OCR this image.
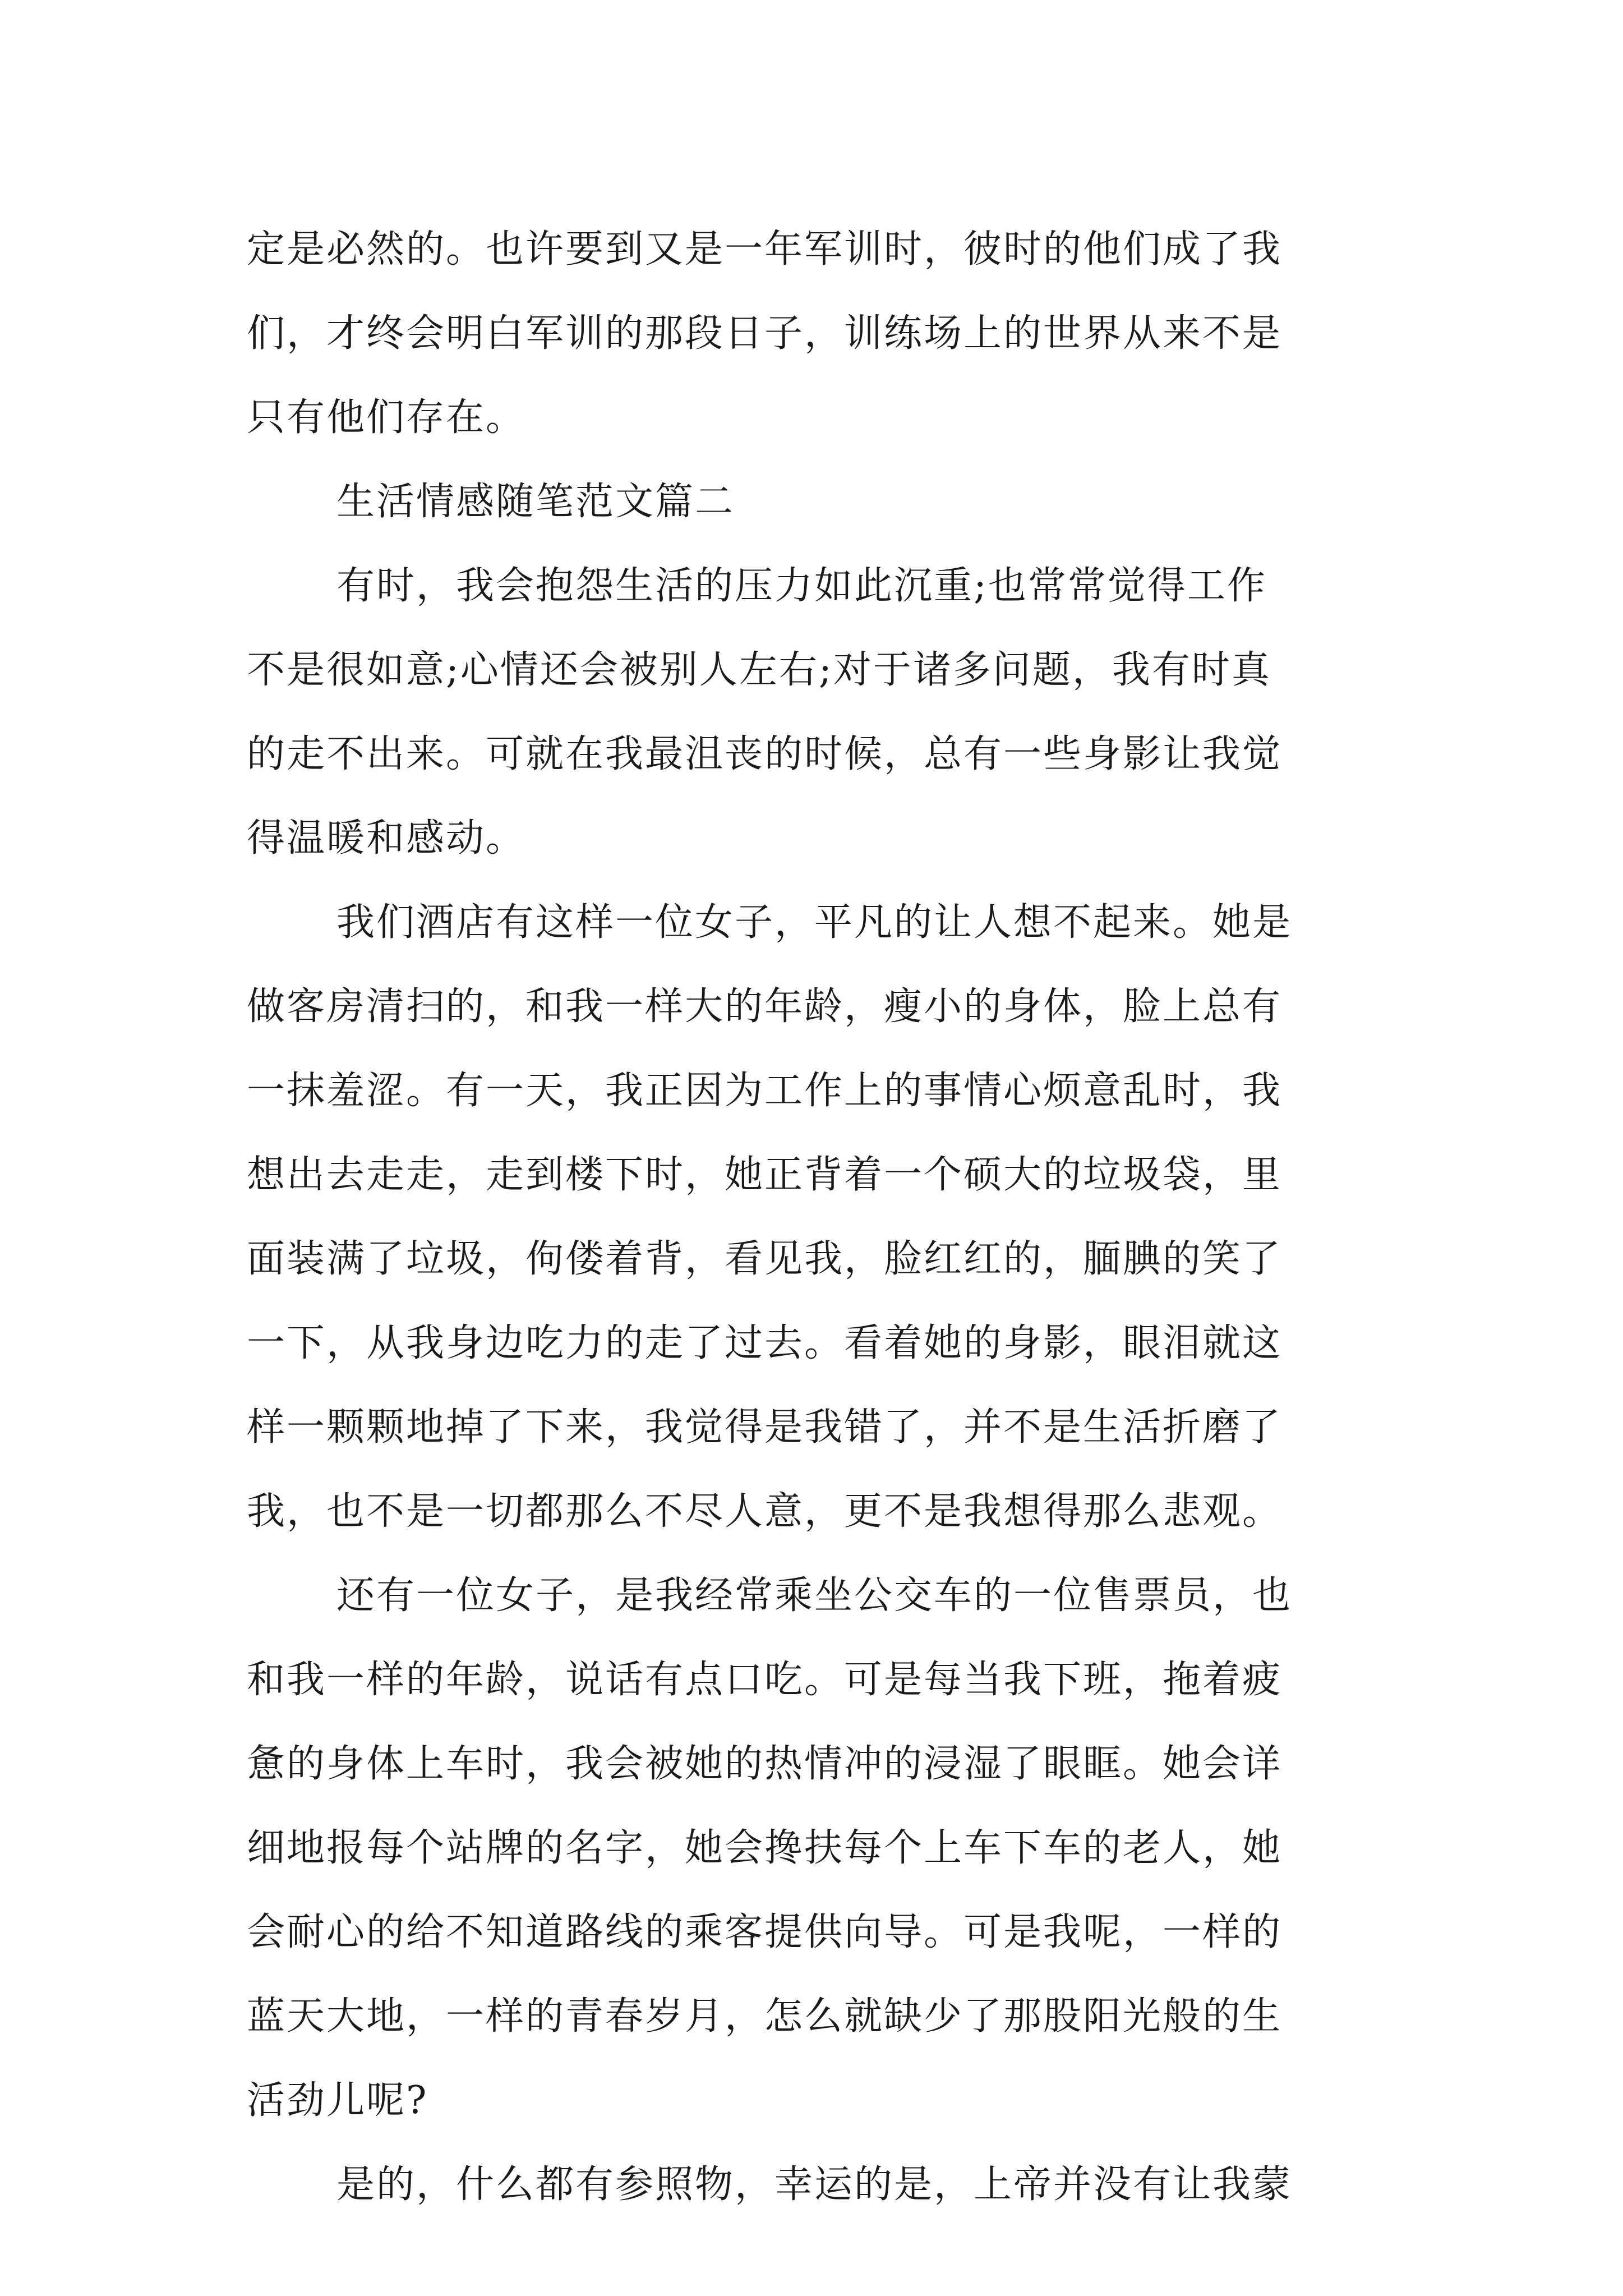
定是必然的。也许要到又是一年军训时，彼时的他们成了我
们，才终会明白军训的那段日子，训练场上的世界从来不是
只有他们存在。
生活情感随笔范文篇二
有时，我会抱怨生活的压力如此沉重;也常常觉得工作
不是很如意;心情还会被别人左右;对于诸多问题，我有时真
的走不出来。可就在我最沮丧的时候，总有一些身影让我觉
得温暖和感动。
我们酒店有这样一位女子，平凡的让人想不起来。她是
做客房清扫的，和我一样大的年龄，瘦小的身体，脸上总有
一抹羞涩。有一天，我正因为工作上的事情心烦意乱时，我
想出去走走，走到楼下时，她正背着一个硕大的垃圾袋，里
面装满了垃圾，佝偻着背，看见我，脸红红的，腼腆的笑了
一下，从我身边吃力的走了过去。看着她的身影，眼泪就这
样一颗颗地掉了下来，我觉得是我错了，并不是生活折磨了
我，也不是一切都那么不尽人意，更不是我想得那么悲观。
还有一位女子，是我经常乘坐公交车的一位售票员，也
和我一样的年龄，说话有点口吃。可是每当我下班，拖着疲
惫的身体上车时，我会被她的热情冲的浸湿了眼眶。她会详
细地报每个站牌的名字，她会搀扶每个上车下车的老人，她
会耐心的给不知道路线的乘客提供向导。可是我呢，一样的
蓝天大地，一样的青春岁月，怎么就缺少了那股阳光般的生
活劲儿呢?
是的，什么都有参照物，幸运的是，上帝并没有让我蒙
